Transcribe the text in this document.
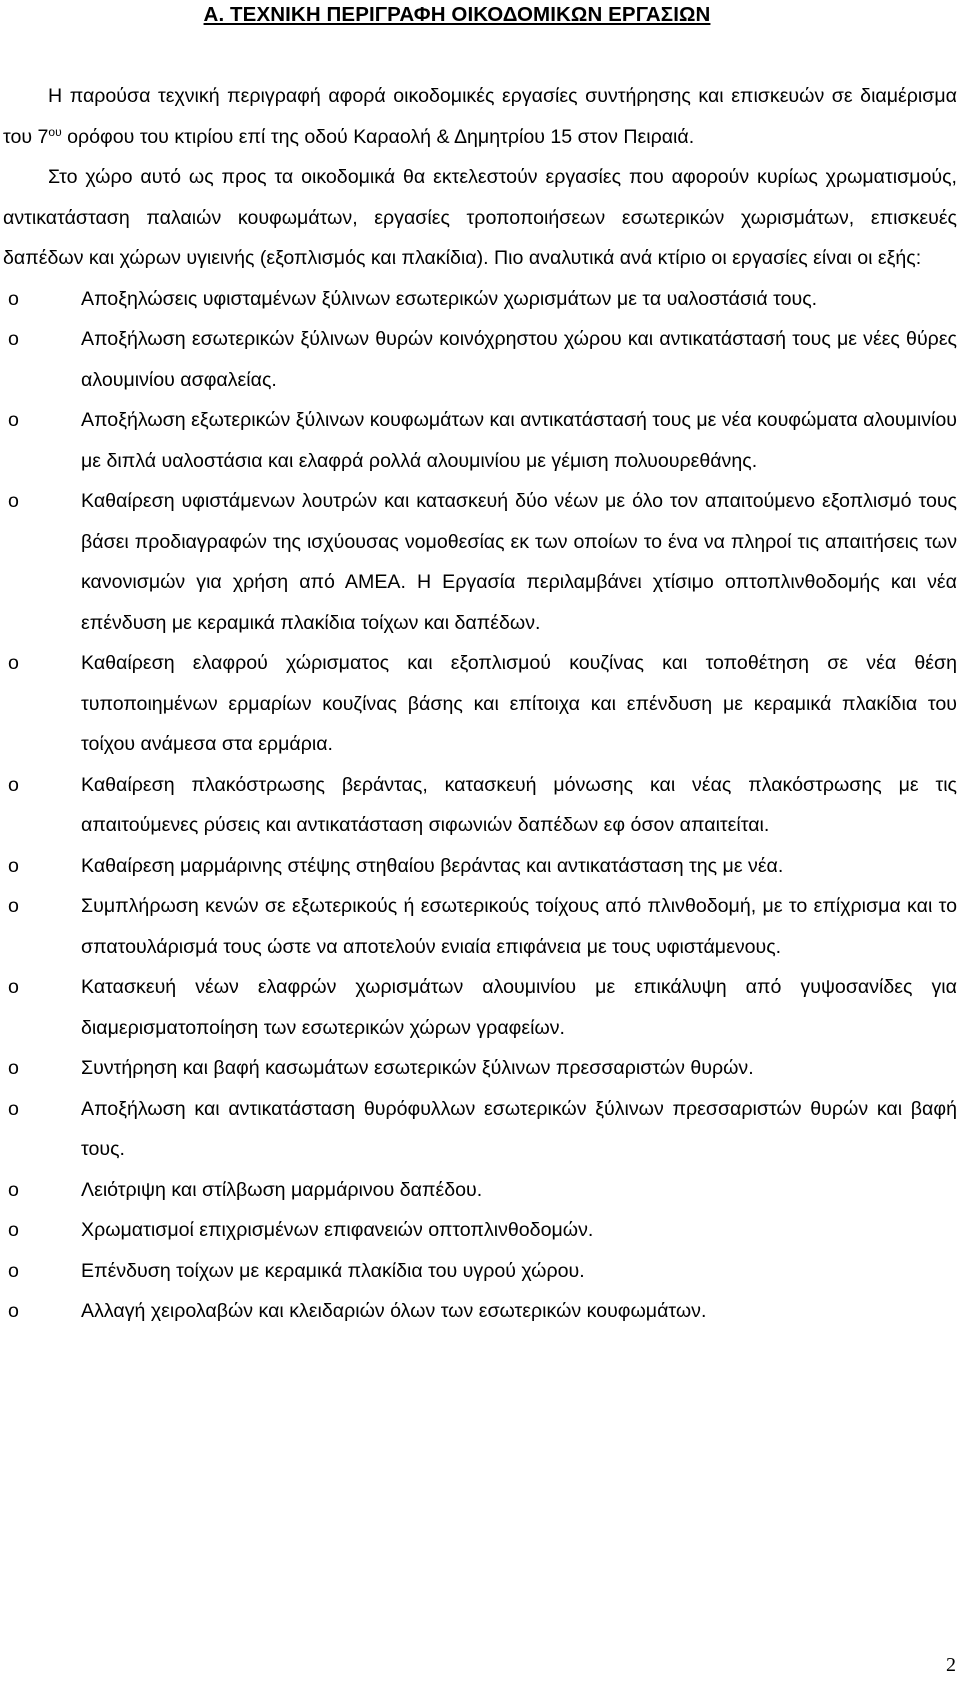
Α. ΤΕΧΝΙΚΗ ΠΕΡΙΓΡΑΦΗ ΟΙΚΟΔΟΜΙΚΩΝ ΕΡΓΑΣΙΩΝ

Η παρούσα τεχνική περιγραφή αφορά οικοδομικές εργασίες συντήρησης και επισκευών σε διαμέρισμα του $7^{o\upsilon}$ ορόφου του κτιρίου επί της οδού Καραολή & Δημητρίου 15 στον Πειραιά.

Στο χώρο αυτό ως προς τα οικοδομικά θα εκτελεστούν εργασίες που αφορούν κυρίως χρωματισμούς, αντικατάσταση παλαιών κουφωμάτων, εργασίες τροποποιήσεων εσωτερικών χωρισμάτων, επισκευές δαπέδων και χώρων υγιεινής (εξοπλισμός και πλακίδια). Πιο αναλυτικά ανά κτίριο οι εργασίες είναι οι εξής:

o	Αποξηλώσεις υφισταμένων ξύλινων εσωτερικών χωρισμάτων με τα υαλοστάσιά τους.
o	Αποξήλωση εσωτερικών ξύλινων θυρών κοινόχρηστου χώρου και αντικατάστασή τους με νέες θύρες αλουμινίου ασφαλείας.
o	Αποξήλωση εξωτερικών ξύλινων κουφωμάτων και αντικατάστασή τους με νέα κουφώματα αλουμινίου με διπλά υαλοστάσια και ελαφρά ρολλά αλουμινίου με γέμιση πολυουρεθάνης.
o	Καθαίρεση υφιστάμενων λουτρών και κατασκευή δύο νέων με όλο τον απαιτούμενο εξοπλισμό τους βάσει προδιαγραφών της ισχύουσας νομοθεσίας εκ των οποίων το ένα να πληροί τις απαιτήσεις των κανονισμών για χρήση από ΑΜΕΑ. Η Εργασία περιλαμβάνει χτίσιμο οπτοπλινθοδομής και νέα επένδυση με κεραμικά πλακίδια τοίχων και δαπέδων.
o	Καθαίρεση ελαφρού χώρισματος και εξοπλισμού κουζίνας και τοποθέτηση σε νέα θέση τυποποιημένων ερμαρίων κουζίνας βάσης και επίτοιχα και επένδυση με κεραμικά πλακίδια του τοίχου ανάμεσα στα ερμάρια.
o	Καθαίρεση πλακόστρωσης βεράντας, κατασκευή μόνωσης και νέας πλακόστρωσης με τις απαιτούμενες ρύσεις και αντικατάσταση σιφωνιών δαπέδων εφ όσον απαιτείται.
o	Καθαίρεση μαρμάρινης στέψης στηθαίου βεράντας και αντικατάσταση της με νέα.
o	Συμπλήρωση κενών σε εξωτερικούς ή εσωτερικούς τοίχους από πλινθοδομή, με το επίχρισμα και το σπατουλάρισμά τους ώστε να αποτελούν ενιαία επιφάνεια με τους υφιστάμενους.
o	Κατασκευή νέων ελαφρών χωρισμάτων αλουμινίου με επικάλυψη από γυψοσανίδες για διαμερισματοποίηση των εσωτερικών χώρων γραφείων.
o	Συντήρηση και βαφή κασωμάτων εσωτερικών ξύλινων πρεσσαριστών θυρών.
o	Αποξήλωση και αντικατάσταση θυρόφυλλων εσωτερικών ξύλινων πρεσσαριστών θυρών και βαφή τους.
o	Λειότριψη και στίλβωση μαρμάρινου δαπέδου.
o	Χρωματισμοί επιχρισμένων επιφανειών οπτοπλινθοδομών.
o	Επένδυση τοίχων με κεραμικά πλακίδια του υγρού χώρου.
o	Αλλαγή χειρολαβών και κλειδαριών όλων των εσωτερικών κουφωμάτων.

2
